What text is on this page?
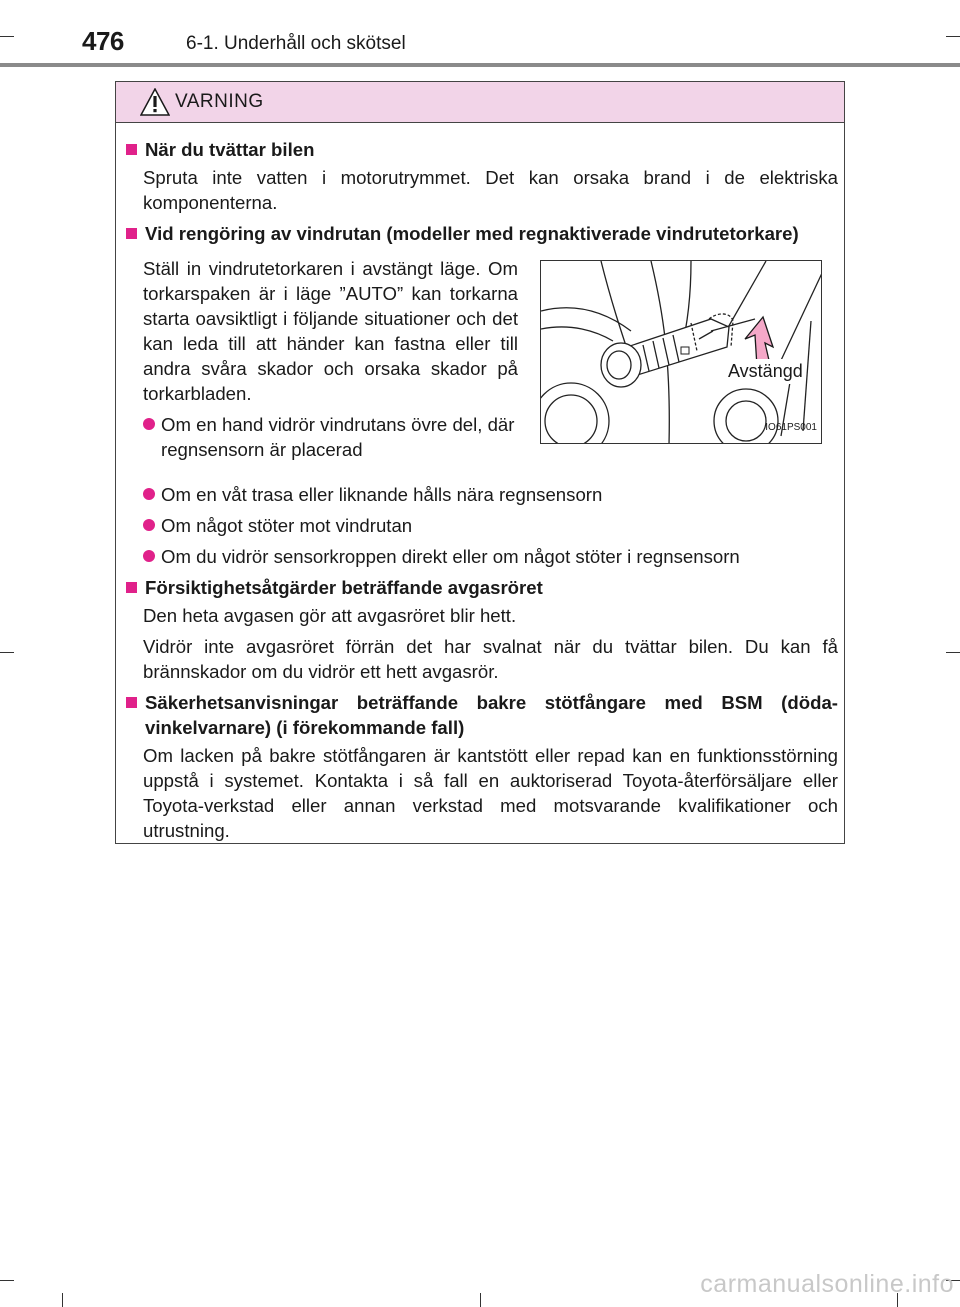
476	6-1. Underhåll och skötsel
VARNING
När du tvättar bilen
Spruta inte vatten i motorutrymmet. Det kan orsaka brand i de elektriska komponenterna.
Vid rengöring av vindrutan (modeller med regnaktiverade vindrutetorkare)
Ställ in vindrutetorkaren i avstängt läge. Om torkarspaken är i läge ”AUTO” kan torkarna starta oavsiktligt i följande situationer och det kan leda till att händer kan fastna eller till andra svåra skador och orsaka skador på torkarbladen.
Om en hand vidrör vindrutans övre del, där regnsensorn är placerad
Avstängd
IO61PS001
Om en våt trasa eller liknande hålls nära regnsensorn
Om något stöter mot vindrutan
Om du vidrör sensorkroppen direkt eller om något stöter i regnsensorn
Försiktighetsåtgärder beträffande avgasröret
Den heta avgasen gör att avgasröret blir hett.
Vidrör inte avgasröret förrän det har svalnat när du tvättar bilen. Du kan få brännskador om du vidrör ett hett avgasrör.
Säkerhetsanvisningar beträffande bakre stötfångare med BSM (dödavinkelvarnare) (i förekommande fall)
Om lacken på bakre stötfångaren är kantstött eller repad kan en funktionsstörning uppstå i systemet. Kontakta i så fall en auktoriserad Toyota-återförsäljare eller Toyota-verkstad eller annan verkstad med motsvarande kvalifikationer och utrustning.
carmanualsonline.info
